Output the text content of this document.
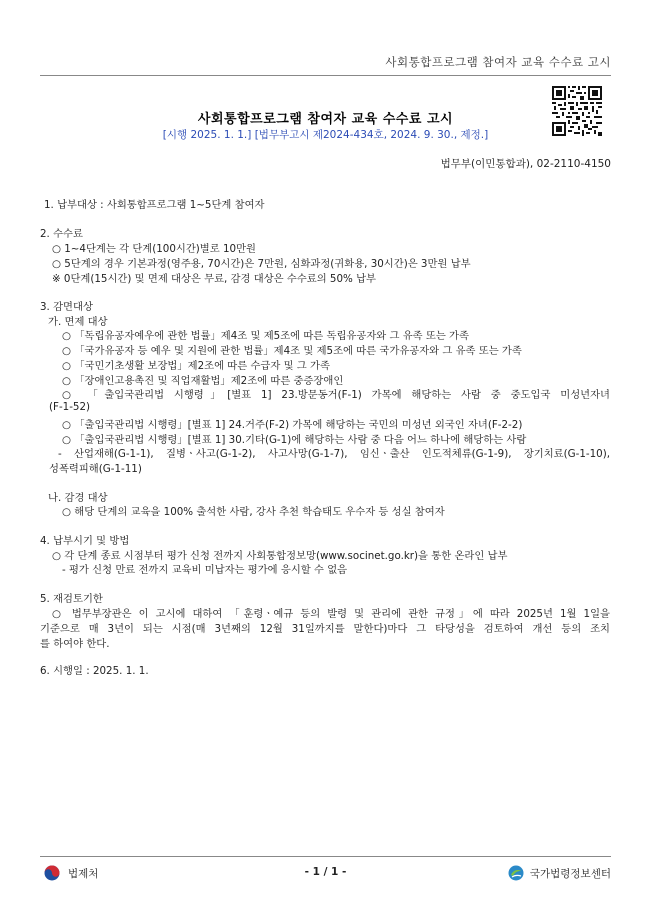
사회통합프로그램 참여자 교육 수수료 고시
사회통합프로그램 참여자 교육 수수료 고시
[시행 2025. 1. 1.] [법무부고시 제2024-434호, 2024. 9. 30., 제정.]
법무부(이민통합과), 02-2110-4150
1. 납부대상 : 사회통합프로그램 1~5단계 참여자
2. 수수료
○ 1~4단계는 각 단계(100시간)별로 10만원
○ 5단계의 경우 기본과정(영주용, 70시간)은 7만원, 심화과정(귀화용, 30시간)은 3만원 납부
※ 0단계(15시간) 및 면제 대상은 무료, 감경 대상은 수수료의 50% 납부
3. 감면대상
가. 면제 대상
○ 「독립유공자예우에 관한 법률」제4조 및 제5조에 따른 독립유공자와 그 유족 또는 가족
○ 「국가유공자 등 예우 및 지원에 관한 법률」제4조 및 제5조에 따른 국가유공자와 그 유족 또는 가족
○ 「국민기초생활 보장법」제2조에 따른 수급자 및 그 가족
○ 「장애인고용촉진 및 직업재활법」제2조에 따른 중증장애인
○ 「출입국관리법 시행령」[별표 1] 23.방문동거(F-1) 가목에 해당하는 사람 중 중도입국 미성년자녀
(F-1-52)
○ 「출입국관리법 시행령」[별표 1] 24.거주(F-2) 가목에 해당하는 국민의 미성년 외국인 자녀(F-2-2)
○ 「출입국관리법 시행령」[별표 1] 30.기타(G-1)에 해당하는 사람 중 다음 어느 하나에 해당하는 사람
- 산업재해(G-1-1), 질병ㆍ사고(G-1-2), 사고사망(G-1-7), 임신ㆍ출산 인도적체류(G-1-9), 장기치료(G-1-10),
성폭력피해(G-1-11)
나. 감경 대상
○ 해당 단계의 교육을 100% 출석한 사람, 강사 추천 학습태도 우수자 등 성실 참여자
4. 납부시기 및 방법
○ 각 단계 종료 시점부터 평가 신청 전까지 사회통합정보망(www.socinet.go.kr)을 통한 온라인 납부
- 평가 신청 만료 전까지 교육비 미납자는 평가에 응시할 수 없음
5. 재검토기한
○ 법무부장관은 이 고시에 대하여 「훈령ㆍ예규 등의 발령 및 관리에 관한 규정」에 따라 2025년 1월 1일을
기준으로 매 3년이 되는 시점(매 3년째의 12월 31일까지를 말한다)마다 그 타당성을 검토하여 개선 등의 조치
를 하여야 한다.
6. 시행일 : 2025. 1. 1.
법제처	- 1 / 1 -	국가법령정보센터
